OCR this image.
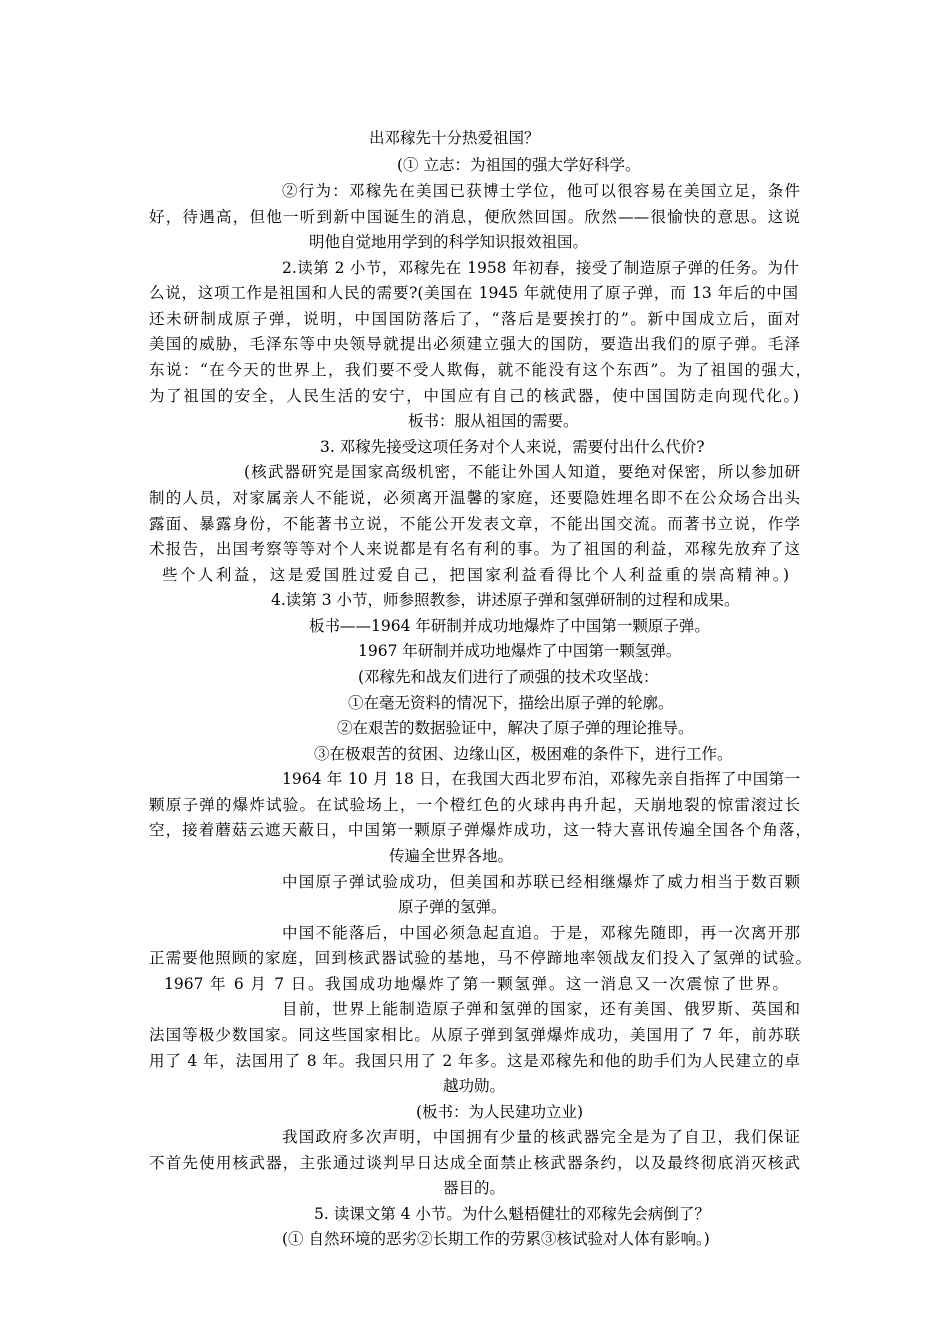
出邓稼先十分热爱祖国？
(① 立志：为祖国的强大学好科学。
②行为：邓稼先在美国已获博士学位，他可以很容易在美国立足，条件
好，待遇高，但他一听到新中国诞生的消息，便欣然回国。欣然——很愉快的意思。这说
明他自觉地用学到的科学知识报效祖国。
2.读第 2 小节，邓稼先在 1958 年初春，接受了制造原子弹的任务。为什
么说，这项工作是祖国和人民的需要?(美国在 1945 年就使用了原子弹，而 13 年后的中国
还未研制成原子弹，说明，中国国防落后了，“落后是要挨打的”。新中国成立后，面对
美国的威胁，毛泽东等中央领导就提出必须建立强大的国防，要造出我们的原子弹。毛泽
东说：“在今天的世界上，我们要不受人欺侮，就不能没有这个东西”。为了祖国的强大，
为了祖国的安全，人民生活的安宁，中国应有自己的核武器，使中国国防走向现代化。)
板书：服从祖国的需要。
3. 邓稼先接受这项任务对个人来说，需要付出什么代价?
(核武器研究是国家高级机密，不能让外国人知道，要绝对保密，所以参加研
制的人员，对家属亲人不能说，必须离开温馨的家庭，还要隐姓埋名即不在公众场合出头
露面、暴露身份，不能著书立说，不能公开发表文章，不能出国交流。而著书立说，作学
术报告，出国考察等等对个人来说都是有名有利的事。为了祖国的利益，邓稼先放弃了这
些个人利益，这是爱国胜过爱自己，把国家利益看得比个人利益重的崇高精神。)
4.读第 3 小节，师参照教参，讲述原子弹和氢弹研制的过程和成果。
板书——1964 年研制并成功地爆炸了中国第一颗原子弹。
1967 年研制并成功地爆炸了中国第一颗氢弹。
(邓稼先和战友们进行了顽强的技术攻坚战：
①在毫无资料的情况下，描绘出原子弹的轮廓。
②在艰苦的数据验证中，解决了原子弹的理论推导。
③在极艰苦的贫困、边缘山区，极困难的条件下，进行工作。
1964 年 10 月 18 日，在我国大西北罗布泊，邓稼先亲自指挥了中国第一
颗原子弹的爆炸试验。在试验场上，一个橙红色的火球冉冉升起，天崩地裂的惊雷滚过长
空，接着蘑菇云遮天蔽日，中国第一颗原子弹爆炸成功，这一特大喜讯传遍全国各个角落，
传遍全世界各地。
中国原子弹试验成功，但美国和苏联已经相继爆炸了威力相当于数百颗
原子弹的氢弹。
中国不能落后，中国必须急起直追。于是，邓稼先随即，再一次离开那
正需要他照顾的家庭，回到核武器试验的基地，马不停蹄地率领战友们投入了氢弹的试验。
1967 年 6 月 7 日。我国成功地爆炸了第一颗氢弹。这一消息又一次震惊了世界。
目前，世界上能制造原子弹和氢弹的国家，还有美国、俄罗斯、英国和
法国等极少数国家。同这些国家相比。从原子弹到氢弹爆炸成功，美国用了 7 年，前苏联
用了 4 年，法国用了 8 年。我国只用了 2 年多。这是邓稼先和他的助手们为人民建立的卓
越功勋。
(板书：为人民建功立业)
我国政府多次声明，中国拥有少量的核武器完全是为了自卫，我们保证
不首先使用核武器，主张通过谈判早日达成全面禁止核武器条约，以及最终彻底消灭核武
器目的。
5. 读课文第 4 小节。为什么魁梧健壮的邓稼先会病倒了？
(① 自然环境的恶劣②长期工作的劳累③核试验对人体有影响。)
